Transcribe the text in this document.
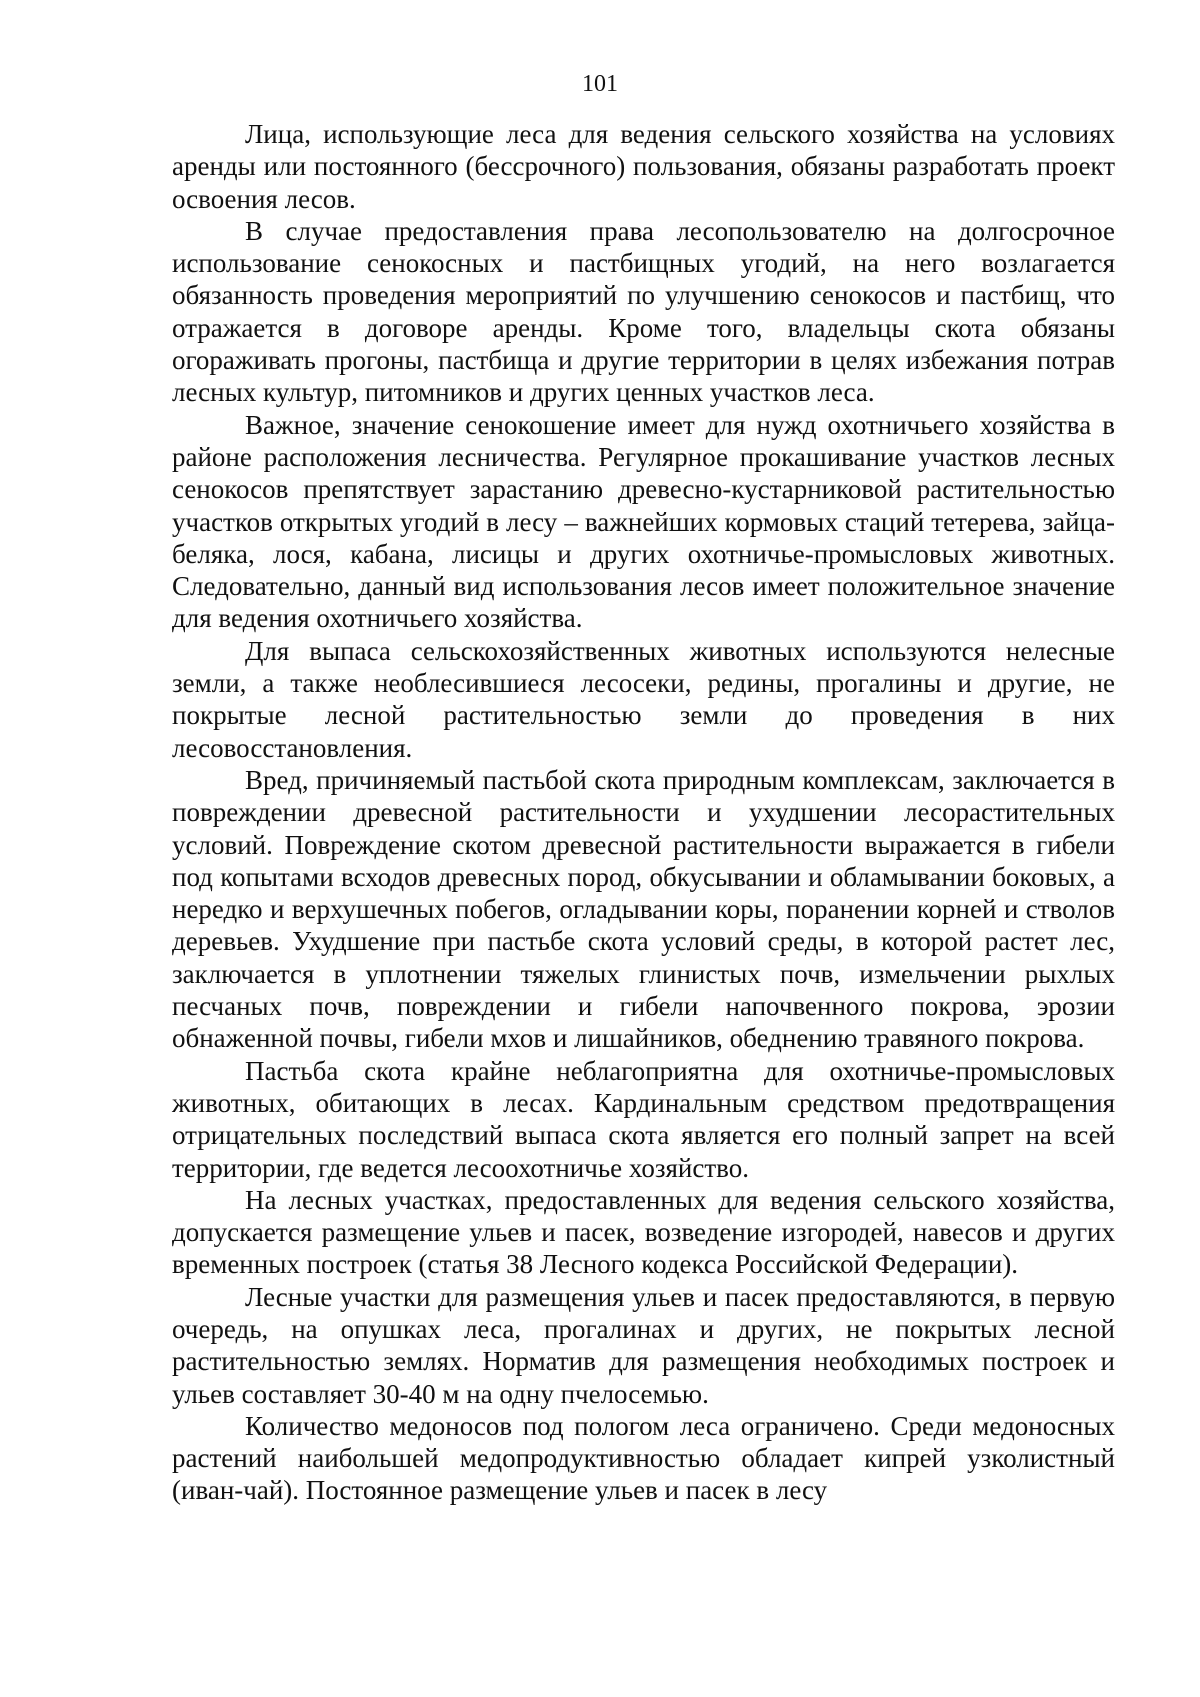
101

Лица, использующие леса для ведения сельского хозяйства на условиях аренды или постоянного (бессрочного) пользования, обязаны разработать проект освоения лесов.

В случае предоставления права лесопользователю на долгосрочное использование сенокосных и пастбищных угодий, на него возлагается обязанность проведения мероприятий по улучшению сенокосов и пастбищ, что отражается в договоре аренды. Кроме того, владельцы скота обязаны огораживать прогоны, пастбища и другие территории в целях избежания потрав лесных культур, питомников и других ценных участков леса.

Важное, значение сенокошение имеет для нужд охотничьего хозяйства в районе расположения лесничества. Регулярное прокашивание участков лесных сенокосов препятствует зарастанию древесно-кустарниковой растительностью участков открытых угодий в лесу – важнейших кормовых стаций тетерева, зайца-беляка, лося, кабана, лисицы и других охотничье-промысловых животных. Следовательно, данный вид использования лесов имеет положительное значение для ведения охотничьего хозяйства.

Для выпаса сельскохозяйственных животных используются нелесные земли, а также необлесившиеся лесосеки, редины, прогалины и другие, не покрытые лесной растительностью земли до проведения в них лесовосстановления.

Вред, причиняемый пастьбой скота природным комплексам, заключается в повреждении древесной растительности и ухудшении лесорастительных условий. Повреждение скотом древесной растительности выражается в гибели под копытами всходов древесных пород, обкусывании и обламывании боковых, а нередко и верхушечных побегов, огладывании коры, поранении корней и стволов деревьев. Ухудшение при пастьбе скота условий среды, в которой растет лес, заключается в уплотнении тяжелых глинистых почв, измельчении рыхлых песчаных почв, повреждении и гибели напочвенного покрова, эрозии обнаженной почвы, гибели мхов и лишайников, обеднению травяного покрова.

Пастьба скота крайне неблагоприятна для охотничье-промысловых животных, обитающих в лесах. Кардинальным средством предотвращения отрицательных последствий выпаса скота является его полный запрет на всей территории, где ведется лесоохотничье хозяйство.

На лесных участках, предоставленных для ведения сельского хозяйства, допускается размещение ульев и пасек, возведение изгородей, навесов и других временных построек (статья 38 Лесного кодекса Российской Федерации).

Лесные участки для размещения ульев и пасек предоставляются, в первую очередь, на опушках леса, прогалинах и других, не покрытых лесной растительностью землях. Норматив для размещения необходимых построек и ульев составляет 30-40 м на одну пчелосемью.

Количество медоносов под пологом леса ограничено. Среди медоносных растений наибольшей медопродуктивностью обладает кипрей узколистный (иван-чай). Постоянное размещение ульев и пасек в лесу
